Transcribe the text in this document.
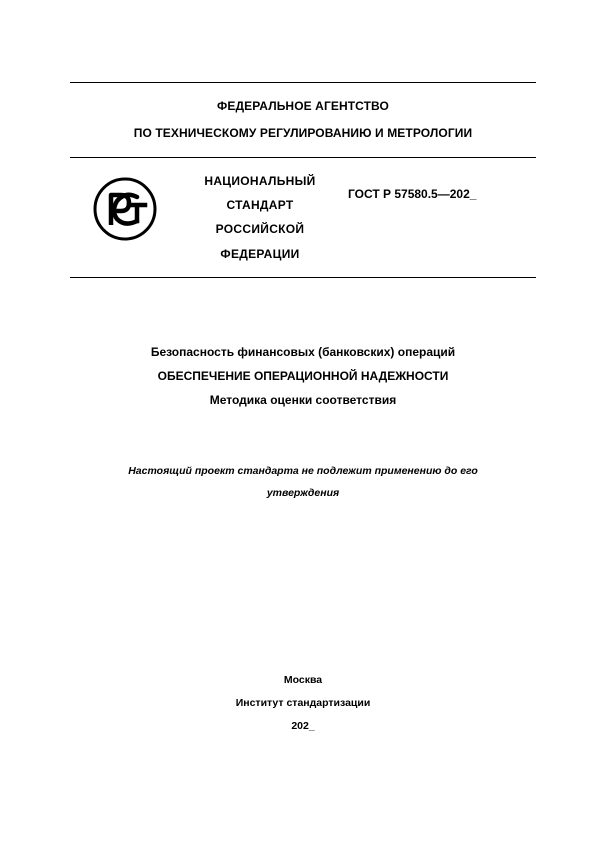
ФЕДЕРАЛЬНОЕ АГЕНТСТВО
ПО ТЕХНИЧЕСКОМУ РЕГУЛИРОВАНИЮ И МЕТРОЛОГИИ
НАЦИОНАЛЬНЫЙ
СТАНДАРТ
РОССИЙСКОЙ
ФЕДЕРАЦИИ
ГОСТ Р 57580.5—202_
Безопасность финансовых (банковских) операций
ОБЕСПЕЧЕНИЕ ОПЕРАЦИОННОЙ НАДЕЖНОСТИ
Методика оценки соответствия
Настоящий проект стандарта не подлежит применению до его
утверждения
Москва
Институт стандартизации
202_
